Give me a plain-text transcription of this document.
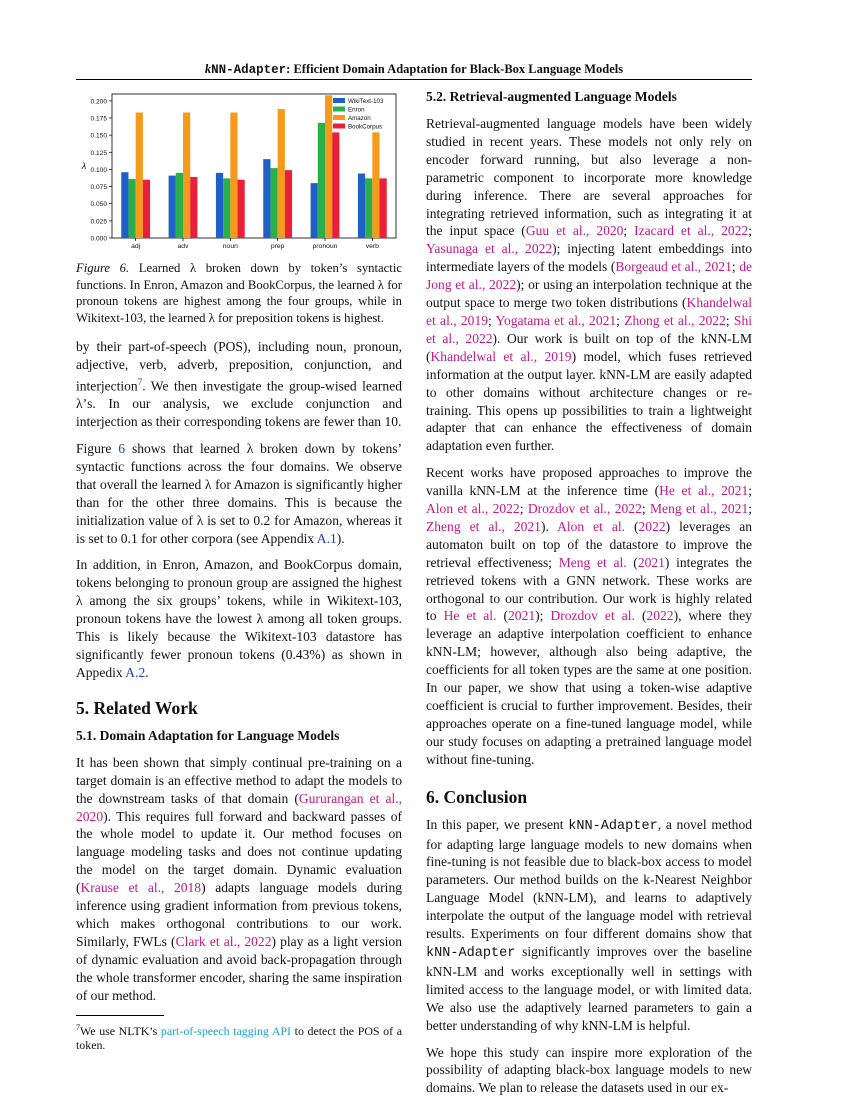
kNN-Adapter: Efficient Domain Adaptation for Black-Box Language Models
0.000
0.025
0.050
0.075
0.100
0.125
0.150
0.175
0.200
λ
adj	adv	noun	prep	pronoun	verb
WikiText-103
Enron
Amazon
BookCorpus
Figure 6. Learned λ broken down by token’s syntactic functions. In Enron, Amazon and BookCorpus, the learned λ for pronoun tokens are highest among the four groups, while in Wikitext-103, the learned λ for preposition tokens is highest.

by their part-of-speech (POS), including noun, pronoun, adjective, verb, adverb, preposition, conjunction, and interjection$^7$. We then investigate the group-wised learned λ’s. In our analysis, we exclude conjunction and interjection as their corresponding tokens are fewer than 10.

Figure 6 shows that learned λ broken down by tokens’ syntactic functions across the four domains. We observe that overall the learned λ for Amazon is significantly higher than for the other three domains. This is because the initialization value of λ is set to 0.2 for Amazon, whereas it is set to 0.1 for other corpora (see Appendix A.1).

In addition, in Enron, Amazon, and BookCorpus domain, tokens belonging to pronoun group are assigned the highest λ among the six groups’ tokens, while in Wikitext-103, pronoun tokens have the lowest λ among all token groups. This is likely because the Wikitext-103 datastore has significantly fewer pronoun tokens (0.43%) as shown in Appedix A.2.

5. Related Work
5.1. Domain Adaptation for Language Models

It has been shown that simply continual pre-training on a target domain is an effective method to adapt the models to the downstream tasks of that domain (Gururangan et al., 2020). This requires full forward and backward passes of the whole model to update it. Our method focuses on language modeling tasks and does not continue updating the model on the target domain. Dynamic evaluation (Krause et al., 2018) adapts language models during inference using gradient information from previous tokens, which makes orthogonal contributions to our work. Similarly, FWLs (Clark et al., 2022) play as a light version of dynamic evaluation and avoid back-propagation through the whole transformer encoder, sharing the same inspiration of our method.

$^7$We use NLTK’s part-of-speech tagging API to detect the POS of a token.
5.2. Retrieval-augmented Language Models

Retrieval-augmented language models have been widely studied in recent years. These models not only rely on encoder forward running, but also leverage a non-parametric component to incorporate more knowledge during inference. There are several approaches for integrating retrieved information, such as integrating it at the input space (Guu et al., 2020; Izacard et al., 2022; Yasunaga et al., 2022); injecting latent embeddings into intermediate layers of the models (Borgeaud et al., 2021; de Jong et al., 2022); or using an interpolation technique at the output space to merge two token distributions (Khandelwal et al., 2019; Yogatama et al., 2021; Zhong et al., 2022; Shi et al., 2022). Our work is built on top of the kNN-LM (Khandelwal et al., 2019) model, which fuses retrieved information at the output layer. kNN-LM are easily adapted to other domains without architecture changes or re-training. This opens up possibilities to train a lightweight adapter that can enhance the effectiveness of domain adaptation even further.

Recent works have proposed approaches to improve the vanilla kNN-LM at the inference time (He et al., 2021; Alon et al., 2022; Drozdov et al., 2022; Meng et al., 2021; Zheng et al., 2021). Alon et al. (2022) leverages an automaton built on top of the datastore to improve the retrieval effectiveness; Meng et al. (2021) integrates the retrieved tokens with a GNN network. These works are orthogonal to our contribution. Our work is highly related to He et al. (2021); Drozdov et al. (2022), where they leverage an adaptive interpolation coefficient to enhance kNN-LM; however, although also being adaptive, the coefficients for all token types are the same at one position. In our paper, we show that using a token-wise adaptive coefficient is crucial to further improvement. Besides, their approaches operate on a fine-tuned language model, while our study focuses on adapting a pretrained language model without fine-tuning.

6. Conclusion

In this paper, we present kNN-Adapter, a novel method for adapting large language models to new domains when fine-tuning is not feasible due to black-box access to model parameters. Our method builds on the k-Nearest Neighbor Language Model (kNN-LM), and learns to adaptively interpolate the output of the language model with retrieval results. Experiments on four different domains show that kNN-Adapter significantly improves over the baseline kNN-LM and works exceptionally well in settings with limited access to the language model, or with limited data. We also use the adaptively learned parameters to gain a better understanding of why kNN-LM is helpful.

We hope this study can inspire more exploration of the possibility of adapting black-box language models to new domains. We plan to release the datasets used in our ex-
